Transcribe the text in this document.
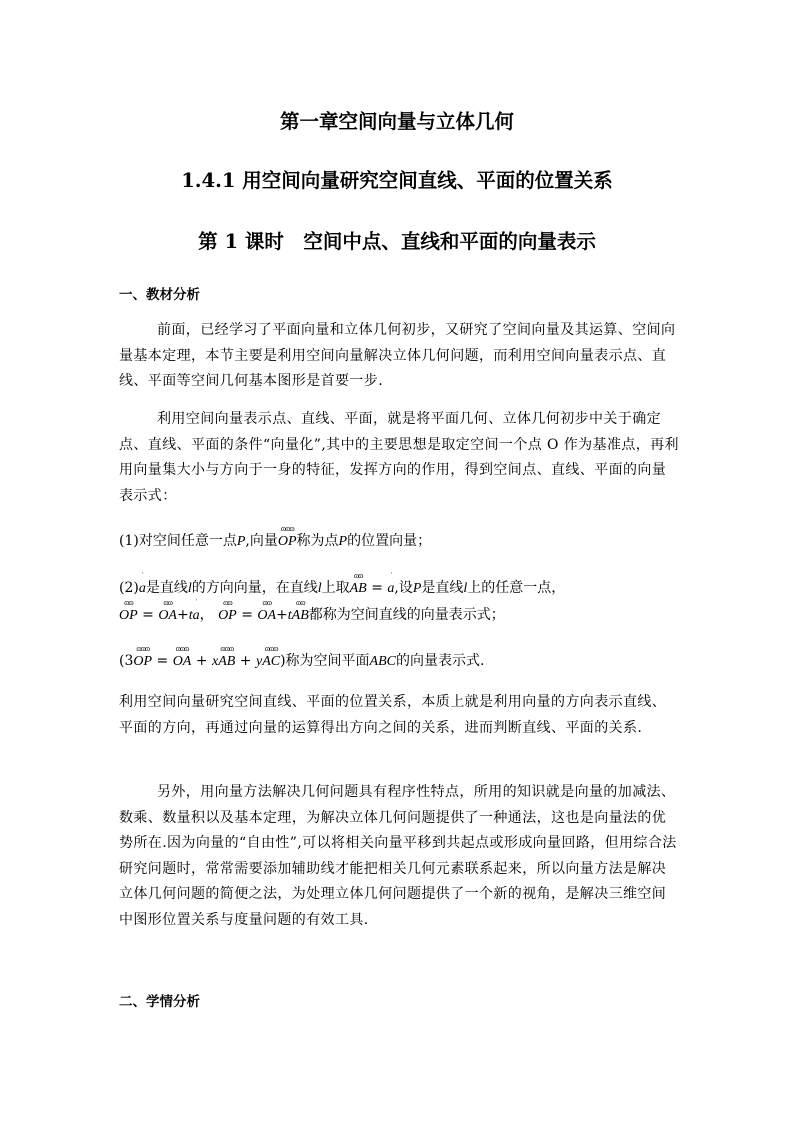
第一章空间向量与立体几何
1.4.1 用空间向量研究空间直线、平面的位置关系
第 1 课时　空间中点、直线和平面的向量表示
一、教材分析
前面，已经学习了平面向量和立体几何初步，又研究了空间向量及其运算、空间向量基本定理，本节主要是利用空间向量解决立体几何问题，而利用空间向量表示点、直线、平面等空间几何基本图形是首要一步.
利用空间向量表示点、直线、平面，就是将平面几何、立体几何初步中关于确定点、直线、平面的条件“向量化”,其中的主要思想是取定空间一个点 O 作为基准点，再利用向量集大小与方向于一身的特征，发挥方向的作用，得到空间点、直线、平面的向量表示式：
(1)对空间任意一点P,向量
ɷɷɷ
OP称为点P的位置向量；
(2)
ˈ
a是直线l的方向向量，在直线l上取
ɷɷ
AB =
ˈ
a,设P是直线l上的任意一点，
ɷɷ
OP =
ɷɷ
OA+t
ˈ
a，
ɷɷ
OP =
ɷɷ
OA+t
ɷɷ
AB都称为空间直线的向量表示式；
(3
ɷɷɷ
OP =
ɷɷɷ
OA + x
ɷɷɷ
AB + y
ɷɷɷ
AC)称为空间平面ABC的向量表示式.
利用空间向量研究空间直线、平面的位置关系，本质上就是利用向量的方向表示直线、平面的方向，再通过向量的运算得出方向之间的关系，进而判断直线、平面的关系.
另外，用向量方法解决几何问题具有程序性特点，所用的知识就是向量的加减法、数乘、数量积以及基本定理，为解决立体几何问题提供了一种通法，这也是向量法的优势所在.因为向量的“自由性”,可以将相关向量平移到共起点或形成向量回路，但用综合法研究问题时，常常需要添加辅助线才能把相关几何元素联系起来，所以向量方法是解决立体几何问题的简便之法，为处理立体几何问题提供了一个新的视角，是解决三维空间中图形位置关系与度量问题的有效工具.
二、学情分析
